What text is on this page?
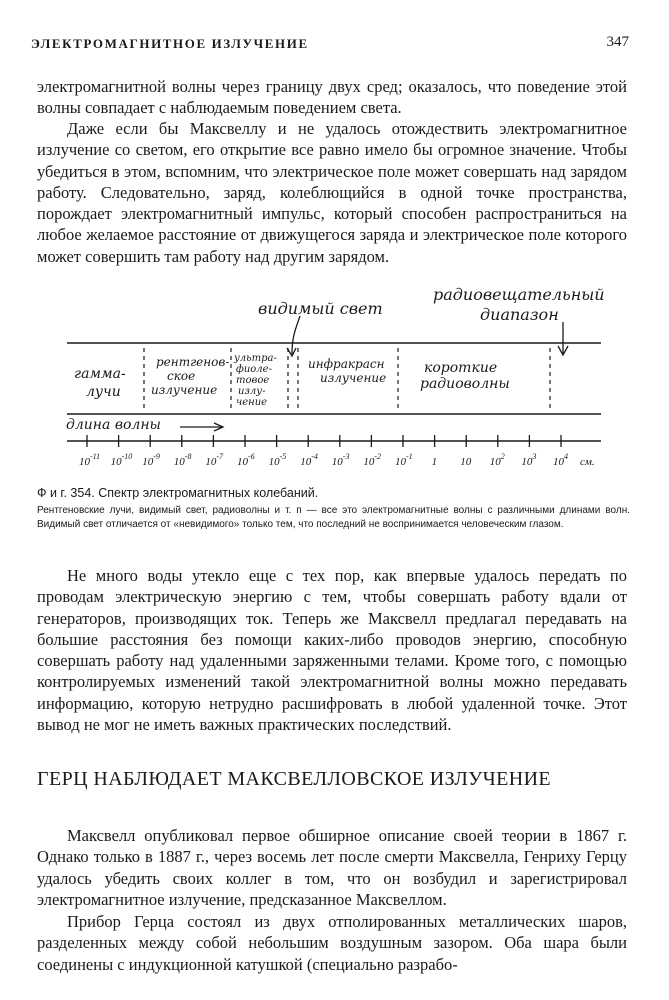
ЭЛЕКТРОМАГНИТНОЕ ИЗЛУЧЕНИЕ	347

электромагнитной волны через границу двух сред; оказалось, что поведение этой волны совпадает с наблюдаемым поведением света.

Даже если бы Максвеллу и не удалось отождествить электромагнитное излучение со светом, его открытие все равно имело бы огромное значение. Чтобы убедиться в этом, вспомним, что электрическое поле может совершать над зарядом работу. Следовательно, заряд, колеблющийся в одной точке пространства, порождает электромагнитный импульс, который способен распространиться на любое желаемое расстояние от движущегося заряда и электрическое поле которого может совершить там работу над другим зарядом.

видимый свет
радиовещательный
диапазон
гамма-
лучи
рентгенов-
ское
излучение
ультра-
фиоле-
товое
излу-
чение
инфракрасн
излучение
короткие
радиоволны
длина волны
$10^{-11}$ $10^{-10}$ $10^{-9}$ $10^{-8}$ $10^{-7}$ $10^{-6}$ $10^{-5}$ $10^{-4}$ $10^{-3}$ $10^{-2}$ $10^{-1}$ 1 10 $10^2$ $10^3$ $10^4$ см.

Ф и г. 354. Спектр электромагнитных колебаний.

Рентгеновские лучи, видимый свет, радиоволны и т. п — все это электромагнитные волны с различными длинами волн. Видимый свет отличается от «невидимого» только тем, что последний не воспринимается человеческим глазом.

Не много воды утекло еще с тех пор, как впервые удалось передать по проводам электрическую энергию с тем, чтобы совершать работу вдали от генераторов, производящих ток. Теперь же Максвелл предлагал передавать на большие расстояния без помощи каких-либо проводов энергию, способную совершать работу над удаленными заряженными телами. Кроме того, с помощью контролируемых изменений такой электромагнитной волны можно передавать информацию, которую нетрудно расшифровать в любой удаленной точке. Этот вывод не мог не иметь важных практических последствий.

ГЕРЦ НАБЛЮДАЕТ МАКСВЕЛЛОВСКОЕ ИЗЛУЧЕНИЕ

Максвелл опубликовал первое обширное описание своей теории в 1867 г. Однако только в 1887 г., через восемь лет после смерти Максвелла, Генриху Герцу удалось убедить своих коллег в том, что он возбудил и зарегистрировал электромагнитное излучение, предсказанное Максвеллом.

Прибор Герца состоял из двух отполированных металлических шаров, разделенных между собой небольшим воздушным зазором. Оба шара были соединены с индукционной катушкой (специально разрабо-
